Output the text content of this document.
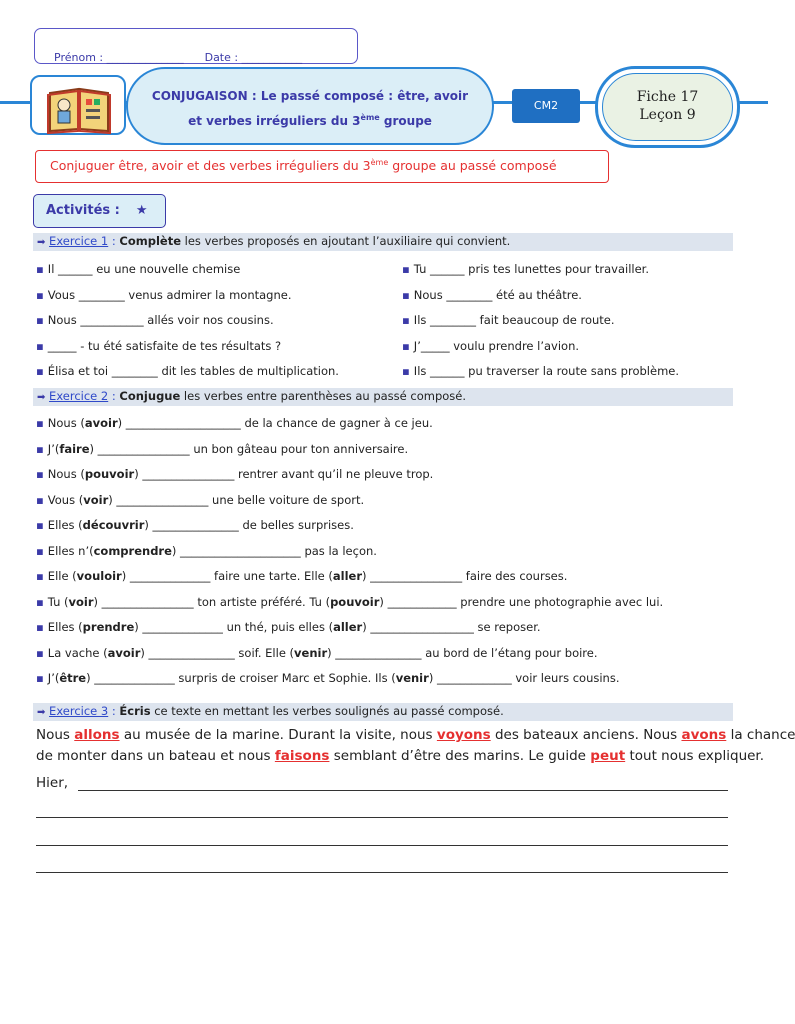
Prénom : ______________ Date : ___________

CONJUGAISON : Le passé composé : être, avoir
et verbes irréguliers du 3ème groupe
CM2
Fiche 17
Leçon 9
Conjuguer être, avoir et des verbes irréguliers du 3ème groupe au passé composé
Activités : ★
➡ Exercice 1 : Complète les verbes proposés en ajoutant l’auxiliaire qui convient.
▪ Il ______ eu une nouvelle chemise
▪ Vous ________ venus admirer la montagne.
▪ Nous ___________ allés voir nos cousins.
▪ _____ - tu été satisfaite de tes résultats ?
▪ Élisa et toi ________ dit les tables de multiplication.
▪ Tu ______ pris tes lunettes pour travailler.
▪ Nous ________ été au théâtre.
▪ Ils ________ fait beaucoup de route.
▪ J’_____ voulu prendre l’avion.
▪ Ils ______ pu traverser la route sans problème.
➡ Exercice 2 : Conjugue les verbes entre parenthèses au passé composé.
▪ Nous (avoir) ____________________ de la chance de gagner à ce jeu.
▪ J’(faire) ________________ un bon gâteau pour ton anniversaire.
▪ Nous (pouvoir) ________________ rentrer avant qu’il ne pleuve trop.
▪ Vous (voir) ________________ une belle voiture de sport.
▪ Elles (découvrir) _______________ de belles surprises.
▪ Elles n’(comprendre) _____________________ pas la leçon.
▪ Elle (vouloir) ______________ faire une tarte. Elle (aller) ________________ faire des courses.
▪ Tu (voir) ________________ ton artiste préféré. Tu (pouvoir) ____________ prendre une photographie avec lui.
▪ Elles (prendre) ______________ un thé, puis elles (aller) __________________ se reposer.
▪ La vache (avoir) _______________ soif. Elle (venir) _______________ au bord de l’étang pour boire.
▪ J’(être) ______________ surpris de croiser Marc et Sophie. Ils (venir) _____________ voir leurs cousins.
➡ Exercice 3 : Écris ce texte en mettant les verbes soulignés au passé composé.
Nous allons au musée de la marine. Durant la visite, nous voyons des bateaux anciens. Nous avons la chance
de monter dans un bateau et nous faisons semblant d’être des marins. Le guide peut tout nous expliquer.
Hier,
